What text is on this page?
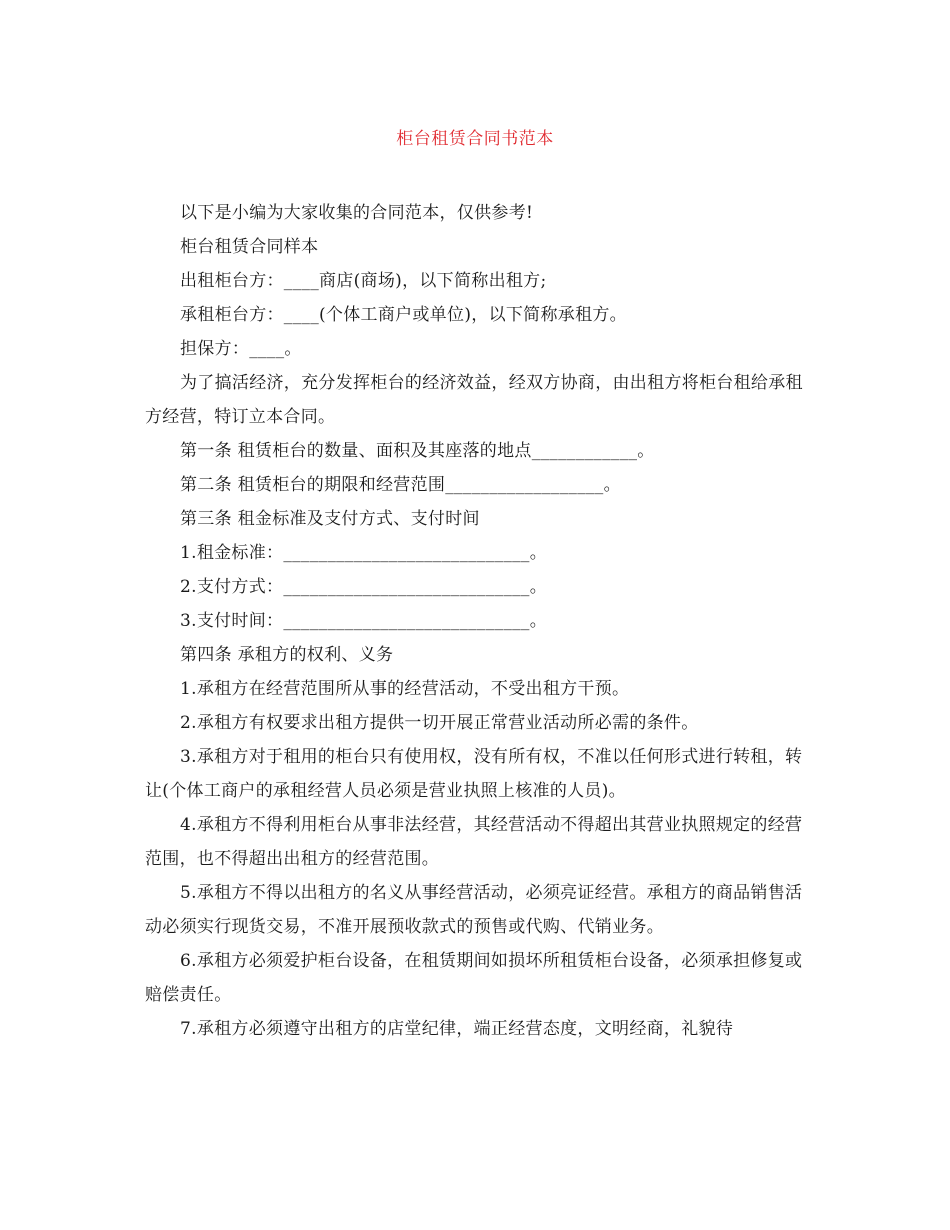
柜台租赁合同书范本

以下是小编为大家收集的合同范本，仅供参考!

柜台租赁合同样本

出租柜台方：____商店(商场)，以下简称出租方;

承租柜台方：____(个体工商户或单位)，以下简称承租方。

担保方：____。

为了搞活经济，充分发挥柜台的经济效益，经双方协商，由出租方将柜台租给承租方经营，特订立本合同。

第一条 租赁柜台的数量、面积及其座落的地点____________。

第二条 租赁柜台的期限和经营范围__________________。

第三条 租金标准及支付方式、支付时间

1.租金标准：____________________________。

2.支付方式：____________________________。

3.支付时间：____________________________。

第四条 承租方的权利、义务

1.承租方在经营范围所从事的经营活动，不受出租方干预。

2.承租方有权要求出租方提供一切开展正常营业活动所必需的条件。

3.承租方对于租用的柜台只有使用权，没有所有权，不准以任何形式进行转租，转让(个体工商户的承租经营人员必须是营业执照上核准的人员)。

4.承租方不得利用柜台从事非法经营，其经营活动不得超出其营业执照规定的经营范围，也不得超出出租方的经营范围。

5.承租方不得以出租方的名义从事经营活动，必须亮证经营。承租方的商品销售活动必须实行现货交易，不准开展预收款式的预售或代购、代销业务。

6.承租方必须爱护柜台设备，在租赁期间如损坏所租赁柜台设备，必须承担修复或赔偿责任。

7.承租方必须遵守出租方的店堂纪律，端正经营态度，文明经商，礼貌待
